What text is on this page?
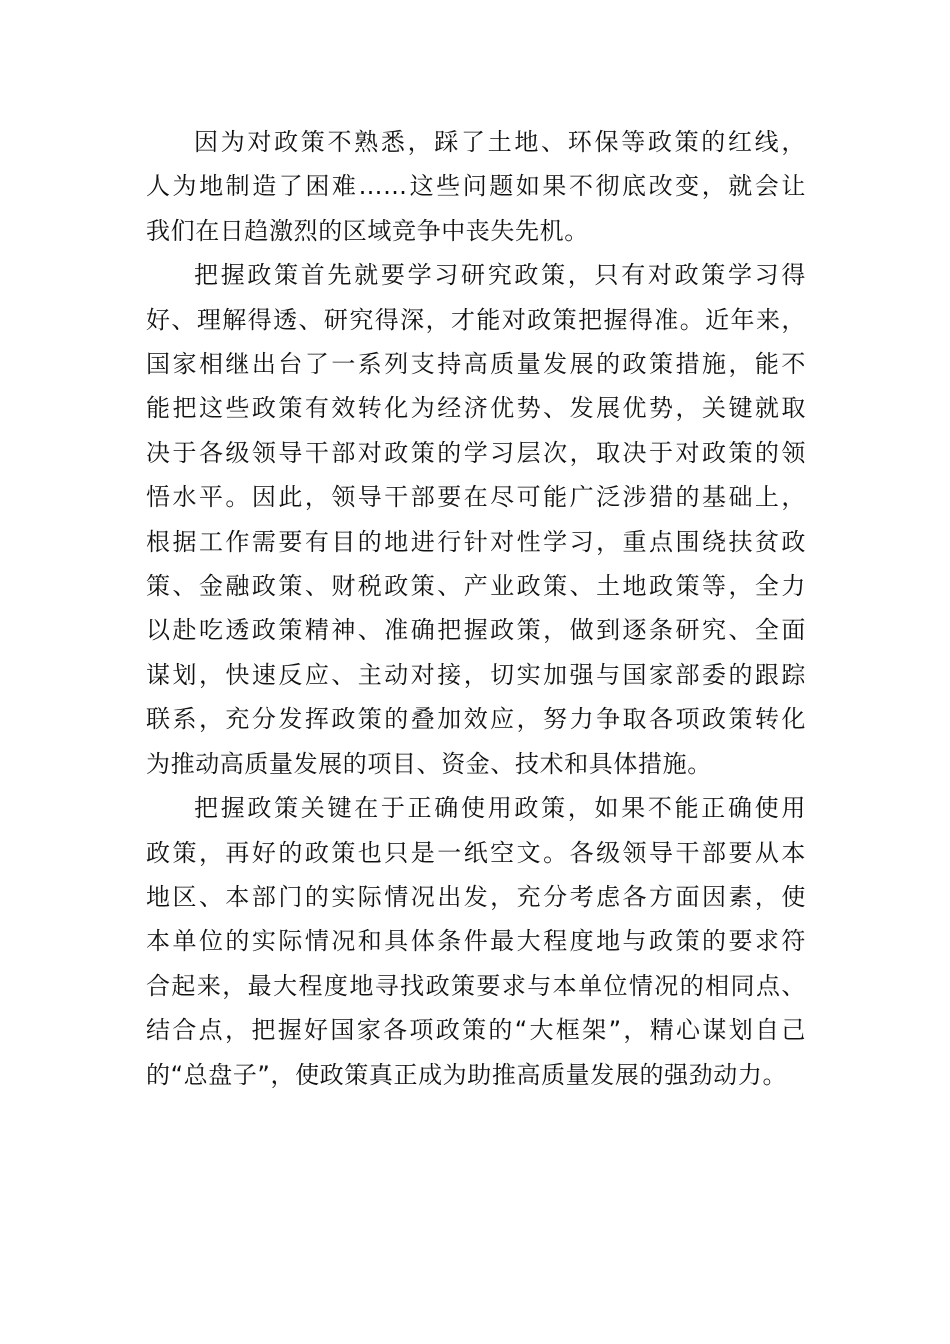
因为对政策不熟悉，踩了土地、环保等政策的红线，
人为地制造了困难……这些问题如果不彻底改变，就会让
我们在日趋激烈的区域竞争中丧失先机。

把握政策首先就要学习研究政策，只有对政策学习得
好、理解得透、研究得深，才能对政策把握得准。近年来，
国家相继出台了一系列支持高质量发展的政策措施，能不
能把这些政策有效转化为经济优势、发展优势，关键就取
决于各级领导干部对政策的学习层次，取决于对政策的领
悟水平。因此，领导干部要在尽可能广泛涉猎的基础上，
根据工作需要有目的地进行针对性学习，重点围绕扶贫政
策、金融政策、财税政策、产业政策、土地政策等，全力
以赴吃透政策精神、准确把握政策，做到逐条研究、全面
谋划，快速反应、主动对接，切实加强与国家部委的跟踪
联系，充分发挥政策的叠加效应，努力争取各项政策转化
为推动高质量发展的项目、资金、技术和具体措施。

把握政策关键在于正确使用政策，如果不能正确使用
政策，再好的政策也只是一纸空文。各级领导干部要从本
地区、本部门的实际情况出发，充分考虑各方面因素，使
本单位的实际情况和具体条件最大程度地与政策的要求符
合起来，最大程度地寻找政策要求与本单位情况的相同点、
结合点，把握好国家各项政策的“大框架”，精心谋划自己
的“总盘子”，使政策真正成为助推高质量发展的强劲动力。
